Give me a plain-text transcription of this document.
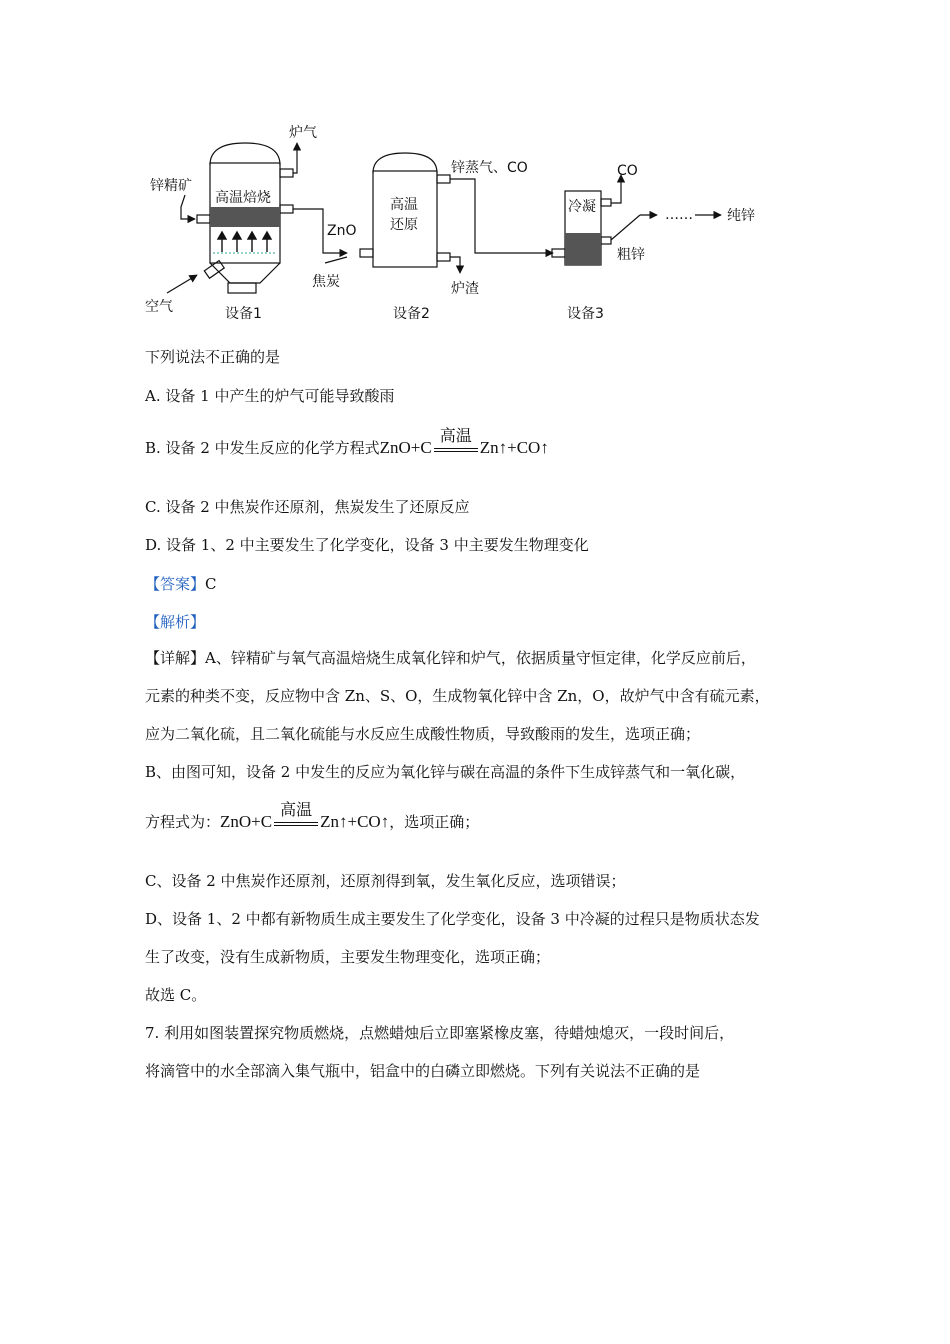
锌精矿
炉气
高温焙烧
空气
ZnO
焦炭
高温
还原
锌蒸气、CO
炉渣
CO
冷凝
粗锌
…… 纯锌
设备1	设备2	设备3
下列说法不正确的是
A. 设备 1 中产生的炉气可能导致酸雨
B. 设备 2 中发生反应的化学方程式ZnO+C
高温
Zn↑+CO↑
C. 设备 2 中焦炭作还原剂，焦炭发生了还原反应
D. 设备 1、2 中主要发生了化学变化，设备 3 中主要发生物理变化
【答案】C
【解析】
【详解】A、锌精矿与氧气高温焙烧生成氧化锌和炉气，依据质量守恒定律，化学反应前后，
元素的种类不变，反应物中含 Zn、S、O，生成物氧化锌中含 Zn，O，故炉气中含有硫元素，
应为二氧化硫，且二氧化硫能与水反应生成酸性物质，导致酸雨的发生，选项正确；
B、由图可知，设备 2 中发生的反应为氧化锌与碳在高温的条件下生成锌蒸气和一氧化碳，
方程式为：ZnO+C
高温
Zn↑+CO↑，选项正确；
C、设备 2 中焦炭作还原剂，还原剂得到氧，发生氧化反应，选项错误；
D、设备 1、2 中都有新物质生成主要发生了化学变化，设备 3 中冷凝的过程只是物质状态发
生了改变，没有生成新物质，主要发生物理变化，选项正确；
故选 C。
7. 利用如图装置探究物质燃烧，点燃蜡烛后立即塞紧橡皮塞，待蜡烛熄灭，一段时间后，
将滴管中的水全部滴入集气瓶中，铝盒中的白磷立即燃烧。下列有关说法不正确的是
